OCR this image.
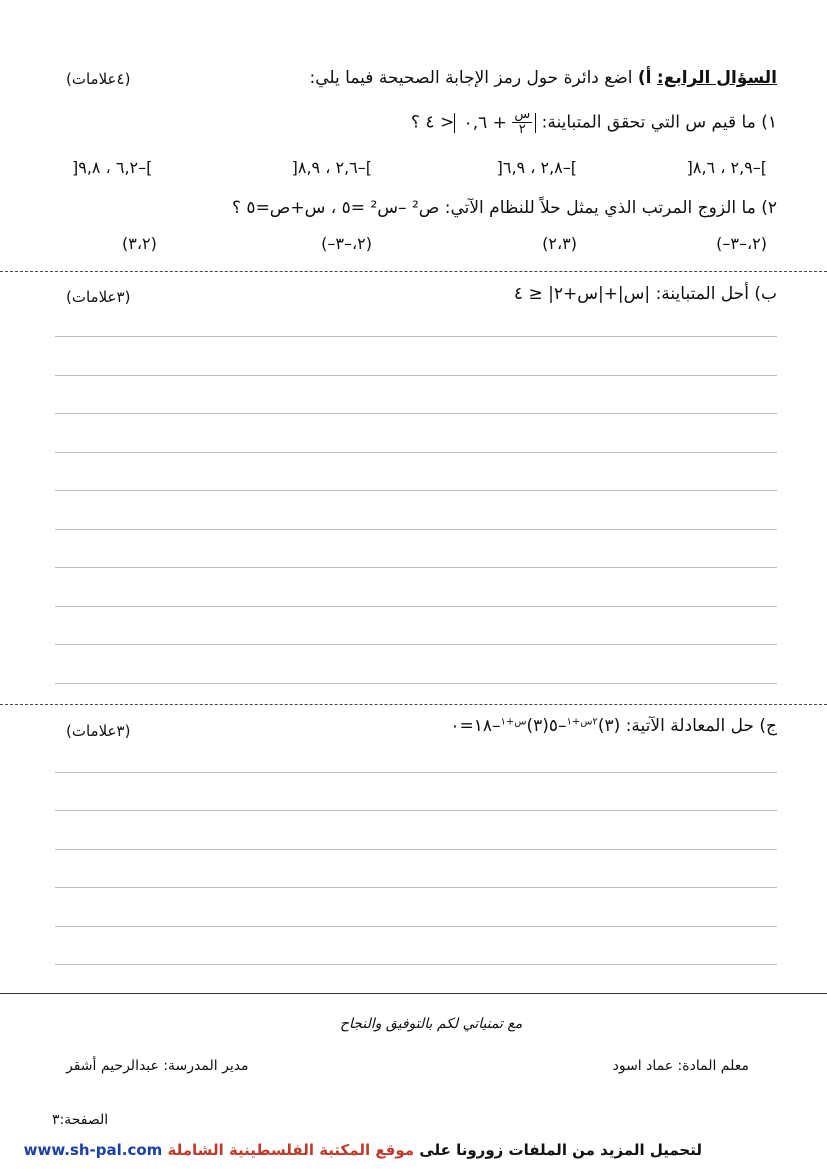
السؤال الرابع: أ) اضع دائرة حول رمز الإجابة الصحيحة فيما يلي:
(٤علامات)
١) ما قيم س التي تحقق المتباينة:
$\frac{\text{س}}{٢}$
+ ٠,٦ < ٤ ؟
]٢,٩ ، ٨,٦–[
]٢,٨ ، ٦,٩–[
]٢,٦ ، ٨,٩–[
]٦,٢ ، ٩,٨–[
٢) ما الزوج المرتب الذي يمثل حلاً للنظام الآتي: ص² –س² =٥ ، س+ص=٥ ؟
(–٢،–٣)
(٢،٣)
(–٢،–٣)
(٣،٢)
ب) أحل المتباينة: |س|+|س+٢| ≤ ٤
(٣علامات)
ج) حل المعادلة الآتية: (٣)$^{٢س+١}$–٥(٣)$^{س+١}$–١٨=٠
(٣علامات)
مع تمنياتي لكم بالتوفيق والنجاح
معلم المادة: عماد اسود
مدير المدرسة: عبدالرحيم أشقر
الصفحة:٣
لتحميل المزيد من الملفات زورونا على موقع المكتبة الفلسطينية الشاملة www.sh-pal.com
